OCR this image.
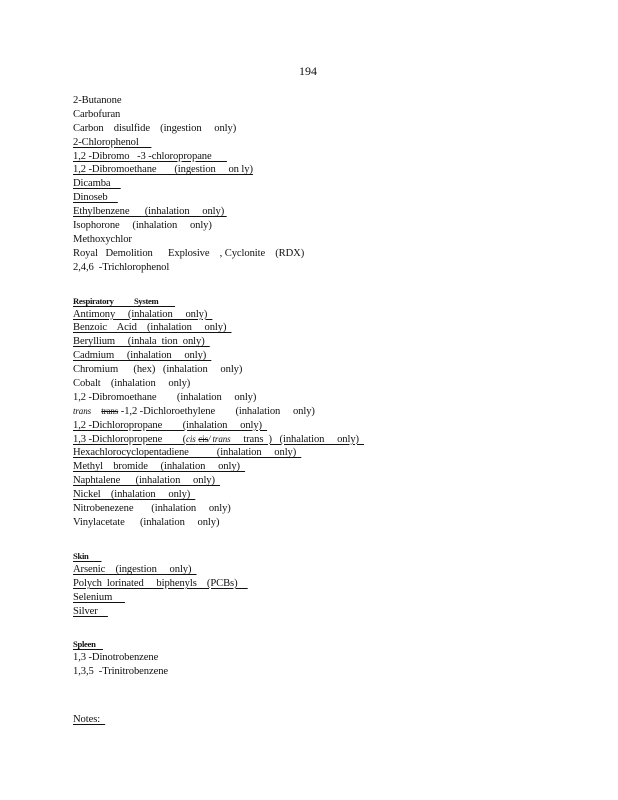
194
2-Butanone
Carbofuran
Carbon    disulfide    (ingestion     only)
2-Chlorophenol
1,2 -Dibromo   -3 -chloropropane
1,2 -Dibromoethane       (ingestion     on ly)
Dicamba
Dinoseb
Ethylbenzene      (inhalation     only)
Isophorone     (inhalation     only)
Methoxychlor
Royal   Demolition      Explosive    , Cyclonite    (RDX)
2,4,6  -Trichlorophenol
Respiratory           System
Antimony     (inhalation     only)
Benzoic    Acid    (inhalation     only)
Beryllium     (inhala  tion  only)
Cadmium     (inhalation     only)
Chromium      (hex)   (inhalation     only)
Cobalt    (inhalation     only)
1,2 -Dibromoethane        (inhalation     only)
trans trans -1,2 -Dichloroethylene        (inhalation     only)
1,2 -Dichloropropane        (inhalation     only)
1,3 -Dichloropropene        (cis cis/ trans     trans  )   (inhalation     only)
Hexachlorocyclopentadiene           (inhalation     only)
Methyl    bromide     (inhalation     only)
Naphtalene      (inhalation     only)
Nickel    (inhalation     only)
Nitrobenezene       (inhalation     only)
Vinylacetate      (inhalation     only)
Skin
Arsenic    (ingestion     only)
Polych  lorinated     biphenyls    (PCBs)
Selenium
Silver
Spleen
1,3 -Dinotrobenzene
1,3,5  -Trinitrobenzene
Notes:
